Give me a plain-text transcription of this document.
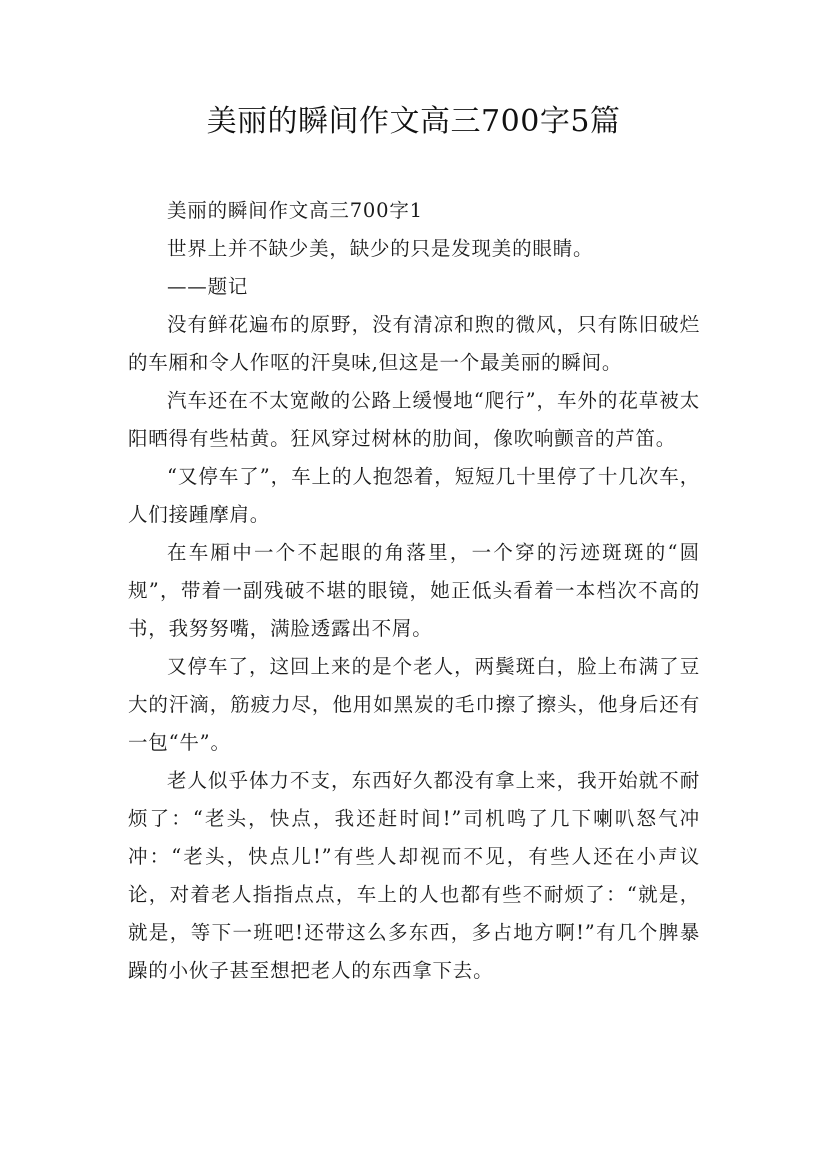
美丽的瞬间作文高三700字5篇

美丽的瞬间作文高三700字1

世界上并不缺少美，缺少的只是发现美的眼睛。

——题记

没有鲜花遍布的原野，没有清凉和煦的微风，只有陈旧破烂的车厢和令人作呕的汗臭味,但这是一个最美丽的瞬间。

汽车还在不太宽敞的公路上缓慢地“爬行”，车外的花草被太阳晒得有些枯黄。狂风穿过树林的肋间，像吹响颤音的芦笛。

“又停车了”，车上的人抱怨着，短短几十里停了十几次车，人们接踵摩肩。

在车厢中一个不起眼的角落里，一个穿的污迹斑斑的“圆规”，带着一副残破不堪的眼镜，她正低头看着一本档次不高的书，我努努嘴，满脸透露出不屑。

又停车了，这回上来的是个老人，两鬓斑白，脸上布满了豆大的汗滴，筋疲力尽，他用如黑炭的毛巾擦了擦头，他身后还有一包“牛”。

老人似乎体力不支，东西好久都没有拿上来，我开始就不耐烦了：“老头，快点，我还赶时间!”司机鸣了几下喇叭怒气冲冲：“老头，快点儿!”有些人却视而不见，有些人还在小声议论，对着老人指指点点，车上的人也都有些不耐烦了：“就是，就是，等下一班吧!还带这么多东西，多占地方啊!”有几个脾暴躁的小伙子甚至想把老人的东西拿下去。
